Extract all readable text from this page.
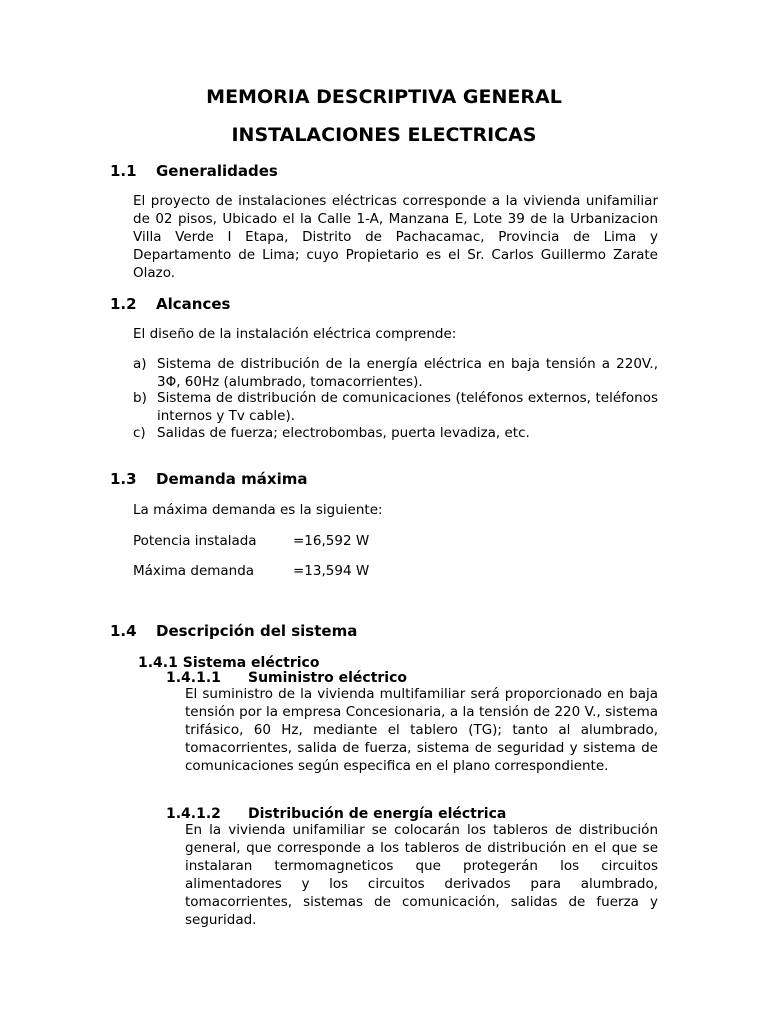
MEMORIA DESCRIPTIVA GENERAL
INSTALACIONES ELECTRICAS
1.1 Generalidades

El proyecto de instalaciones eléctricas corresponde a la vivienda unifamiliar de 02 pisos, Ubicado el la Calle 1-A, Manzana E, Lote 39 de la Urbanizacion Villa Verde I Etapa, Distrito de Pachacamac, Provincia de Lima y Departamento de Lima; cuyo Propietario es el Sr. Carlos Guillermo Zarate Olazo.

1.2 Alcances

El diseño de la instalación eléctrica comprende:

a) Sistema de distribución de la energía eléctrica en baja tensión a 220V., 3Φ, 60Hz (alumbrado, tomacorrientes).
b) Sistema de distribución de comunicaciones (teléfonos externos, teléfonos internos y Tv cable).
c) Salidas de fuerza; electrobombas, puerta levadiza, etc.
1.3 Demanda máxima

La máxima demanda es la siguiente:

Potencia instalada	=16,592 W
Máxima demanda	=13,594 W
1.4 Descripción del sistema
1.4.1 Sistema eléctrico
1.4.1.1 Suministro eléctrico

El suministro de la vivienda multifamiliar será proporcionado en baja tensión por la empresa Concesionaria, a la tensión de 220 V., sistema trifásico, 60 Hz, mediante el tablero (TG); tanto al alumbrado, tomacorrientes, salida de fuerza, sistema de seguridad y sistema de comunicaciones según especifica en el plano correspondiente.

1.4.1.2 Distribución de energía eléctrica

En la vivienda unifamiliar se colocarán los tableros de distribución general, que corresponde a los tableros de distribución en el que se instalaran termomagneticos que protegerán los circuitos alimentadores y los circuitos derivados para alumbrado, tomacorrientes, sistemas de comunicación, salidas de fuerza y seguridad.
